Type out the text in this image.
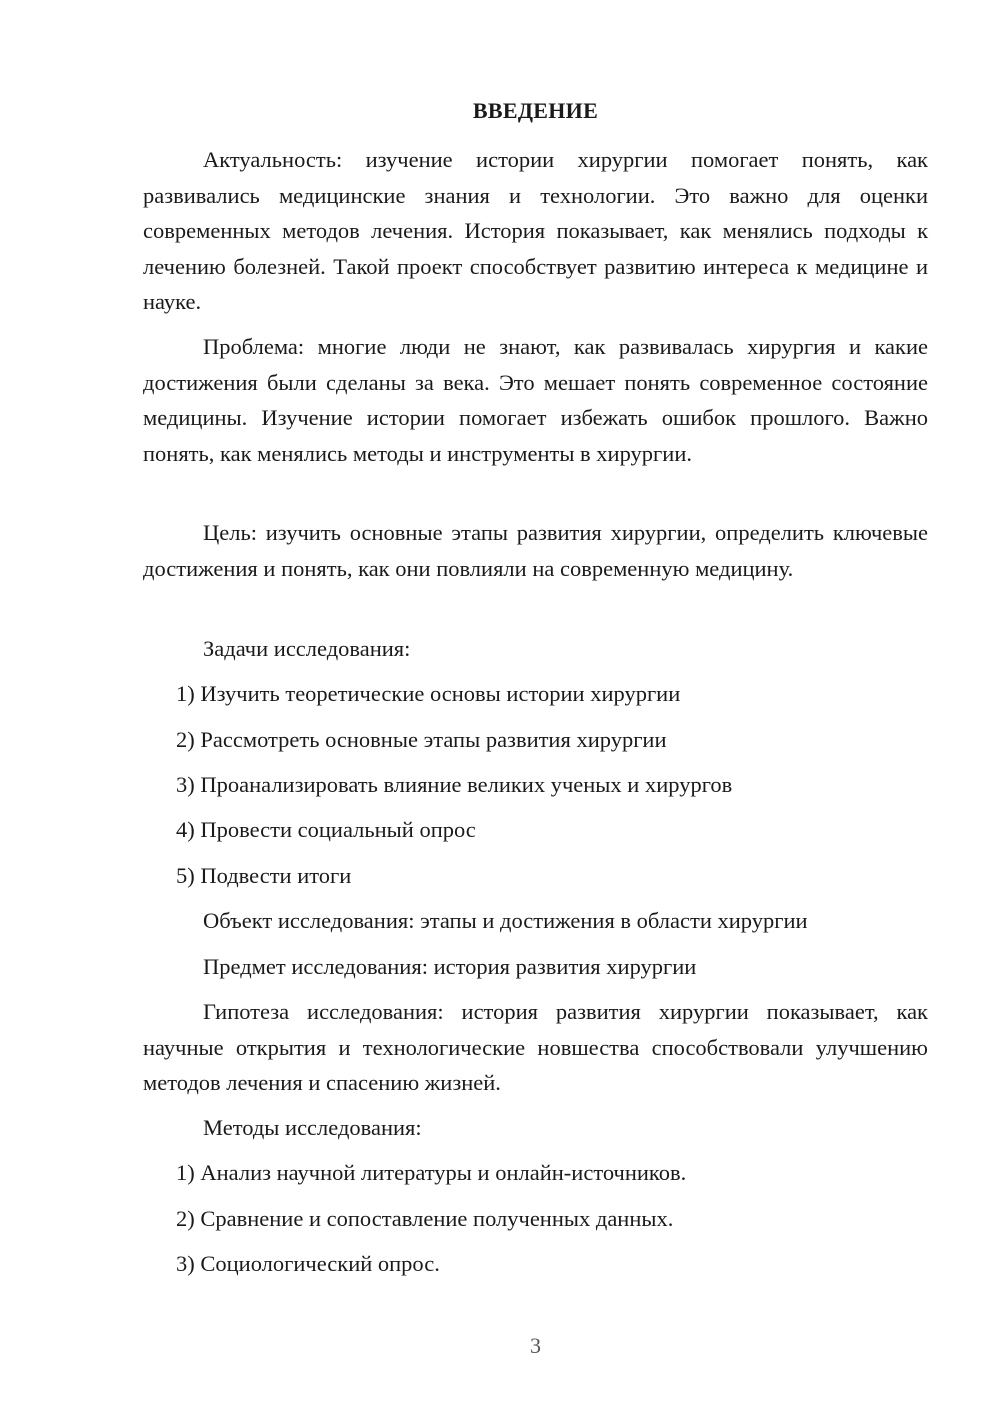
ВВЕДЕНИЕ

Актуальность: изучение истории хирургии помогает понять, как развивались медицинские знания и технологии. Это важно для оценки современных методов лечения. История показывает, как менялись подходы к лечению болезней. Такой проект способствует развитию интереса к медицине и науке.

Проблема: многие люди не знают, как развивалась хирургия и какие достижения были сделаны за века. Это мешает понять современное состояние медицины. Изучение истории помогает избежать ошибок прошлого. Важно понять, как менялись методы и инструменты в хирургии.

Цель: изучить основные этапы развития хирургии, определить ключевые достижения и понять, как они повлияли на современную медицину.

Задачи исследования:

1) Изучить теоретические основы истории хирургии

2) Рассмотреть основные этапы развития хирургии

3) Проанализировать влияние великих ученых и хирургов

4) Провести социальный опрос

5) Подвести итоги

Объект исследования: этапы и достижения в области хирургии

Предмет исследования: история развития хирургии

Гипотеза исследования: история развития хирургии показывает, как научные открытия и технологические новшества способствовали улучшению методов лечения и спасению жизней.

Методы исследования:

1) Анализ научной литературы и онлайн-источников.

2) Сравнение и сопоставление полученных данных.

3) Социологический опрос.

3
